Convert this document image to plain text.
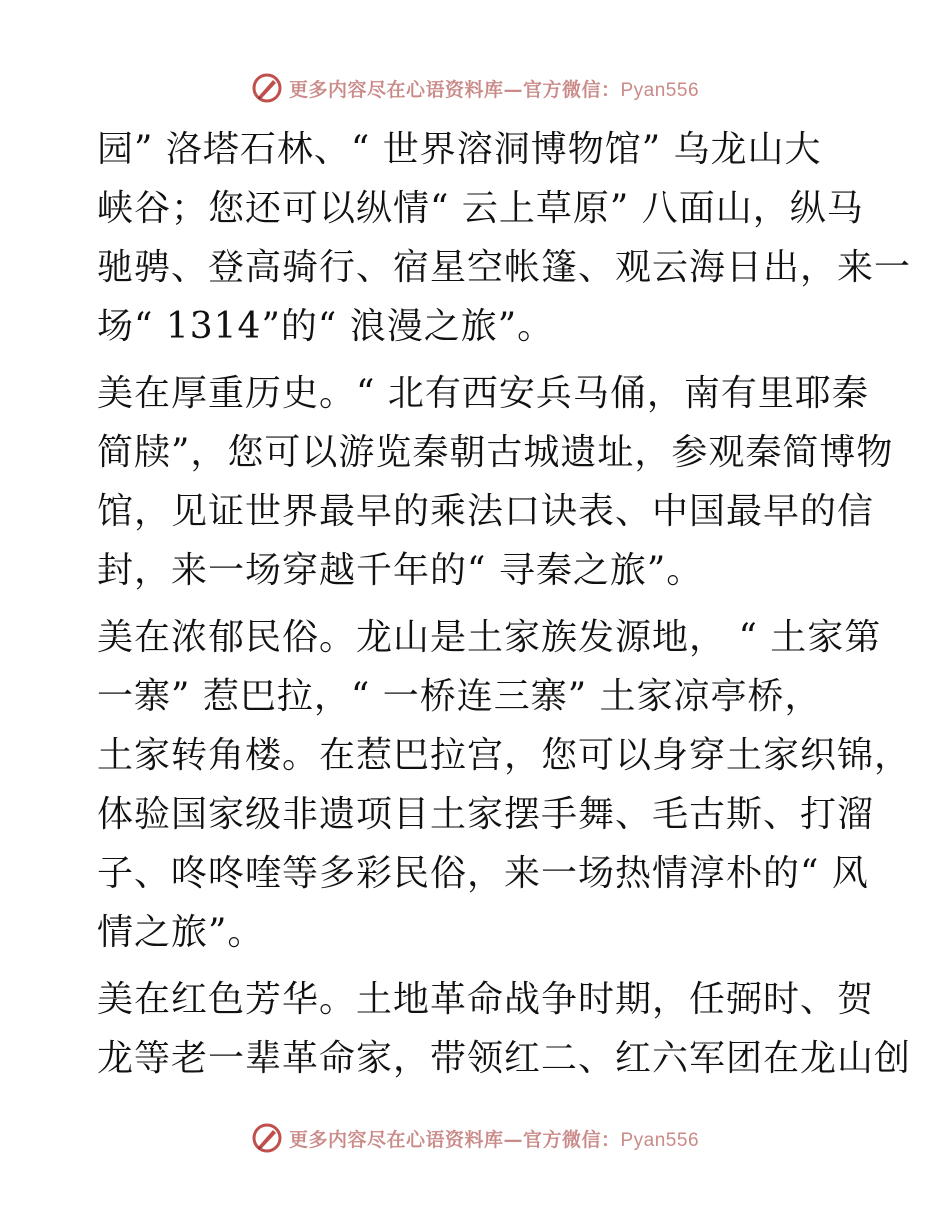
更多内容尽在心语资料库—官方微信：Pyan556
园” 洛塔石林、“ 世界溶洞博物馆” 乌龙山大
峡谷；您还可以纵情“ 云上草原” 八面山，纵马
驰骋、登高骑行、宿星空帐篷、观云海日出，来一
场“ 1314”的“ 浪漫之旅”。
美在厚重历史。“ 北有西安兵马俑，南有里耶秦
简牍”，您可以游览秦朝古城遗址，参观秦简博物
馆，见证世界最早的乘法口诀表、中国最早的信
封，来一场穿越千年的“ 寻秦之旅”。
美在浓郁民俗。龙山是土家族发源地， “ 土家第
一寨” 惹巴拉，“ 一桥连三寨” 土家凉亭桥，
土家转角楼。在惹巴拉宫，您可以身穿土家织锦，
体验国家级非遗项目土家摆手舞、毛古斯、打溜
子、咚咚喹等多彩民俗，来一场热情淳朴的“ 风
情之旅”。
美在红色芳华。土地革命战争时期，任弼时、贺
龙等老一辈革命家，带领红二、红六军团在龙山创
更多内容尽在心语资料库—官方微信：Pyan556
